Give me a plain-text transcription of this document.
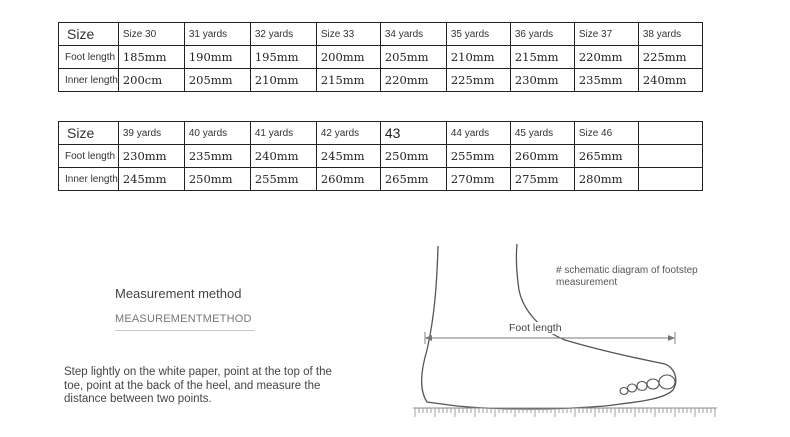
Size	Size 30	31 yards	32 yards	Size 33	34 yards	35 yards	36 yards	Size 37	38 yards
Foot length	185mm	190mm	195mm	200mm	205mm	210mm	215mm	220mm	225mm
Inner length	200cm	205mm	210mm	215mm	220mm	225mm	230mm	235mm	240mm
Size	39 yards	40 yards	41 yards	42 yards	43	44 yards	45 yards	Size 46	
Foot length	230mm	235mm	240mm	245mm	250mm	255mm	260mm	265mm	
Inner length	245mm	250mm	255mm	260mm	265mm	270mm	275mm	280mm	
Measurement method
MEASUREMENTMETHOD
Step lightly on the white paper, point at the top of the toe, point at the back of the heel, and measure the distance between two points.
# schematic diagram of footstep measurement
Foot length
